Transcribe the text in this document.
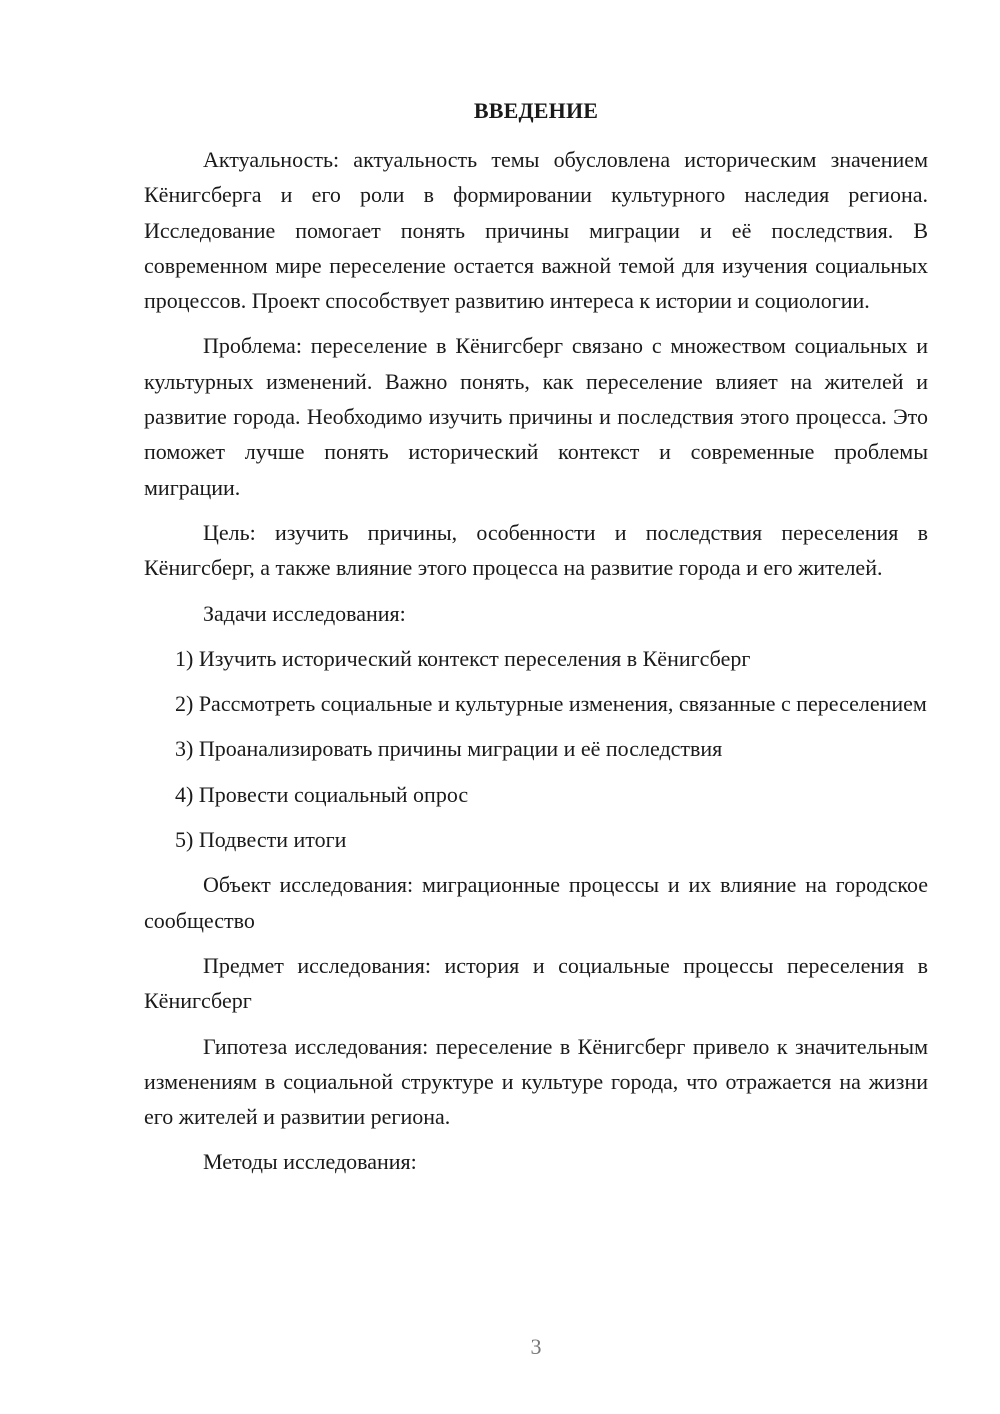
ВВЕДЕНИЕ

Актуальность: актуальность темы обусловлена историческим значением Кёнигсберга и его роли в формировании культурного наследия региона. Исследование помогает понять причины миграции и её последствия. В современном мире переселение остается важной темой для изучения социальных процессов. Проект способствует развитию интереса к истории и социологии.

Проблема: переселение в Кёнигсберг связано с множеством социальных и культурных изменений. Важно понять, как переселение влияет на жителей и развитие города. Необходимо изучить причины и последствия этого процесса. Это поможет лучше понять исторический контекст и современные проблемы миграции.

Цель: изучить причины, особенности и последствия переселения в Кёнигсберг, а также влияние этого процесса на развитие города и его жителей.

Задачи исследования:

1) Изучить исторический контекст переселения в Кёнигсберг

2) Рассмотреть социальные и культурные изменения, связанные с переселением

3) Проанализировать причины миграции и её последствия

4) Провести социальный опрос

5) Подвести итоги

Объект исследования: миграционные процессы и их влияние на городское сообщество

Предмет исследования: история и социальные процессы переселения в Кёнигсберг

Гипотеза исследования: переселение в Кёнигсберг привело к значительным изменениям в социальной структуре и культуре города, что отражается на жизни его жителей и развитии региона.

Методы исследования:

3
